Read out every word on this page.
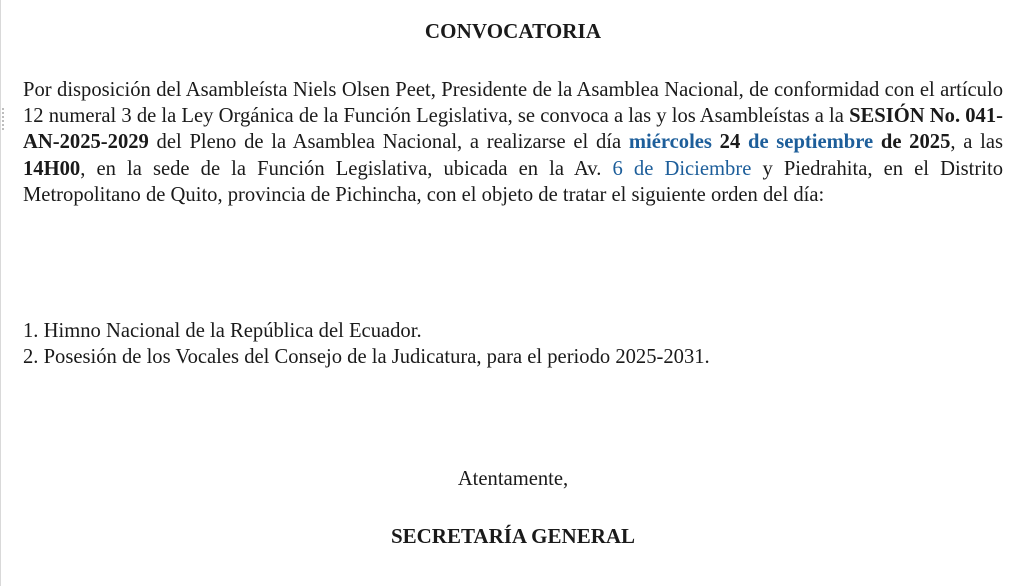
CONVOCATORIA

Por disposición del Asambleísta Niels Olsen Peet, Presidente de la Asamblea Nacional, de conformidad con el artículo 12 numeral 3 de la Ley Orgánica de la Función Legislativa, se convoca a las y los Asambleístas a la SESIÓN No. 041-AN-2025-2029 del Pleno de la Asamblea Nacional, a realizarse el día miércoles 24 de septiembre de 2025, a las 14H00, en la sede de la Función Legislativa, ubicada en la Av. 6 de Diciembre y Piedrahita, en el Distrito Metropolitano de Quito, provincia de Pichincha, con el objeto de tratar el siguiente orden del día:

1. Himno Nacional de la República del Ecuador.
2. Posesión de los Vocales del Consejo de la Judicatura, para el periodo 2025-2031.
Atentamente,
SECRETARÍA GENERAL
